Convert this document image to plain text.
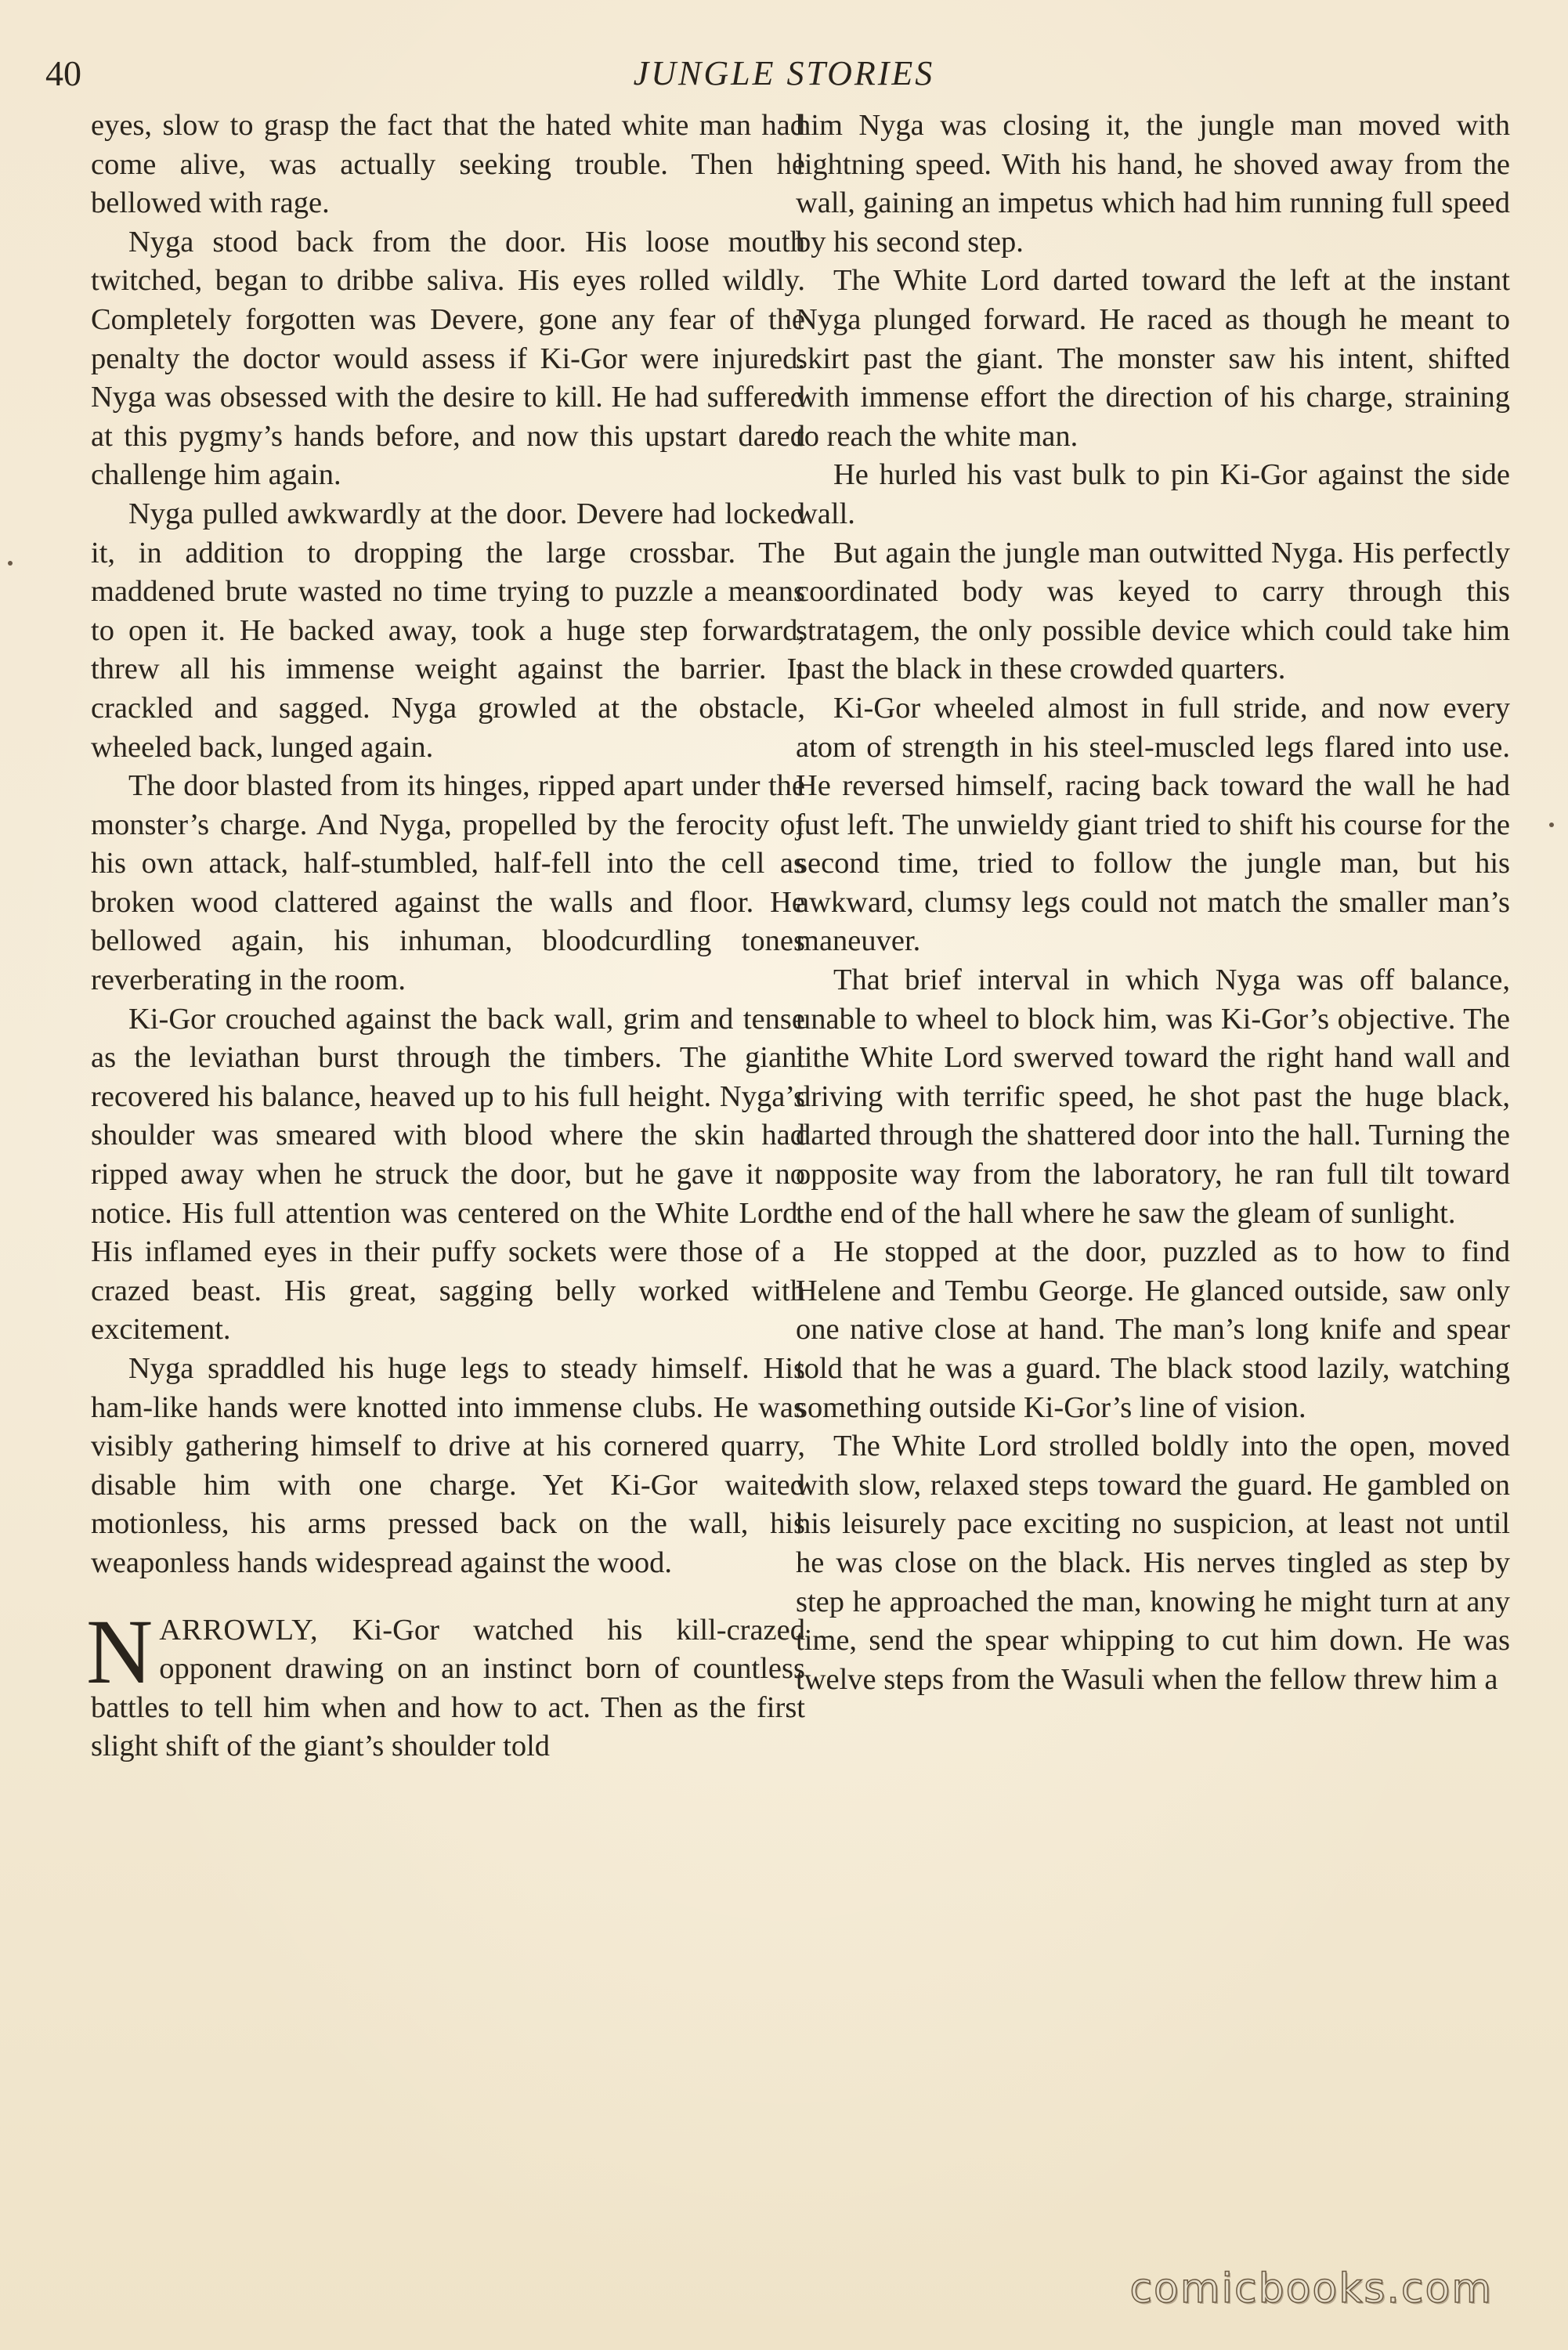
40	JUNGLE STORIES

eyes, slow to grasp the fact that the hated white man had come alive, was actually seeking trouble. Then he bellowed with rage.

Nyga stood back from the door. His loose mouth twitched, began to dribbe saliva. His eyes rolled wildly. Completely forgotten was Devere, gone any fear of the penalty the doctor would assess if Ki-Gor were injured. Nyga was obsessed with the desire to kill. He had suffered at this pygmy’s hands before, and now this upstart dared challenge him again.

Nyga pulled awkwardly at the door. Devere had locked it, in addition to dropping the large crossbar. The maddened brute wasted no time trying to puzzle a means to open it. He backed away, took a huge step forward, threw all his immense weight against the barrier. It crackled and sagged. Nyga growled at the obstacle, wheeled back, lunged again.

The door blasted from its hinges, ripped apart under the monster’s charge. And Nyga, propelled by the ferocity of his own attack, half-stumbled, half-fell into the cell as broken wood clattered against the walls and floor. He bellowed again, his inhuman, bloodcurdling tones reverberating in the room.

Ki-Gor crouched against the back wall, grim and tense as the leviathan burst through the timbers. The giant recovered his balance, heaved up to his full height. Nyga’s shoulder was smeared with blood where the skin had ripped away when he struck the door, but he gave it no notice. His full attention was centered on the White Lord. His inflamed eyes in their puffy sockets were those of a crazed beast. His great, sagging belly worked with excitement.

Nyga spraddled his huge legs to steady himself. His ham-like hands were knotted into immense clubs. He was visibly gathering himself to drive at his cornered quarry, disable him with one charge. Yet Ki-Gor waited motionless, his arms pressed back on the wall, his weaponless hands widespread against the wood.

NARROWLY, Ki-Gor watched his kill-crazed opponent drawing on an instinct born of countless battles to tell him when and how to act. Then as the first slight shift of the giant’s shoulder told

him Nyga was closing it, the jungle man moved with lightning speed. With his hand, he shoved away from the wall, gaining an impetus which had him running full speed by his second step.

The White Lord darted toward the left at the instant Nyga plunged forward. He raced as though he meant to skirt past the giant. The monster saw his intent, shifted with immense effort the direction of his charge, straining to reach the white man.

He hurled his vast bulk to pin Ki-Gor against the side wall.

But again the jungle man outwitted Nyga. His perfectly coordinated body was keyed to carry through this stratagem, the only possible device which could take him past the black in these crowded quarters.

Ki-Gor wheeled almost in full stride, and now every atom of strength in his steel-muscled legs flared into use. He reversed himself, racing back toward the wall he had just left. The unwieldy giant tried to shift his course for the second time, tried to follow the jungle man, but his awkward, clumsy legs could not match the smaller man’s maneuver.

That brief interval in which Nyga was off balance, unable to wheel to block him, was Ki-Gor’s objective. The lithe White Lord swerved toward the right hand wall and driving with terrific speed, he shot past the huge black, darted through the shattered door into the hall. Turning the opposite way from the laboratory, he ran full tilt toward the end of the hall where he saw the gleam of sunlight.

He stopped at the door, puzzled as to how to find Helene and Tembu George. He glanced outside, saw only one native close at hand. The man’s long knife and spear told that he was a guard. The black stood lazily, watching something outside Ki-Gor’s line of vision.

The White Lord strolled boldly into the open, moved with slow, relaxed steps toward the guard. He gambled on his leisurely pace exciting no suspicion, at least not until he was close on the black. His nerves tingled as step by step he approached the man, knowing he might turn at any time, send the spear whipping to cut him down. He was twelve steps from the Wasuli when the fellow threw him a

comicbooks.com
